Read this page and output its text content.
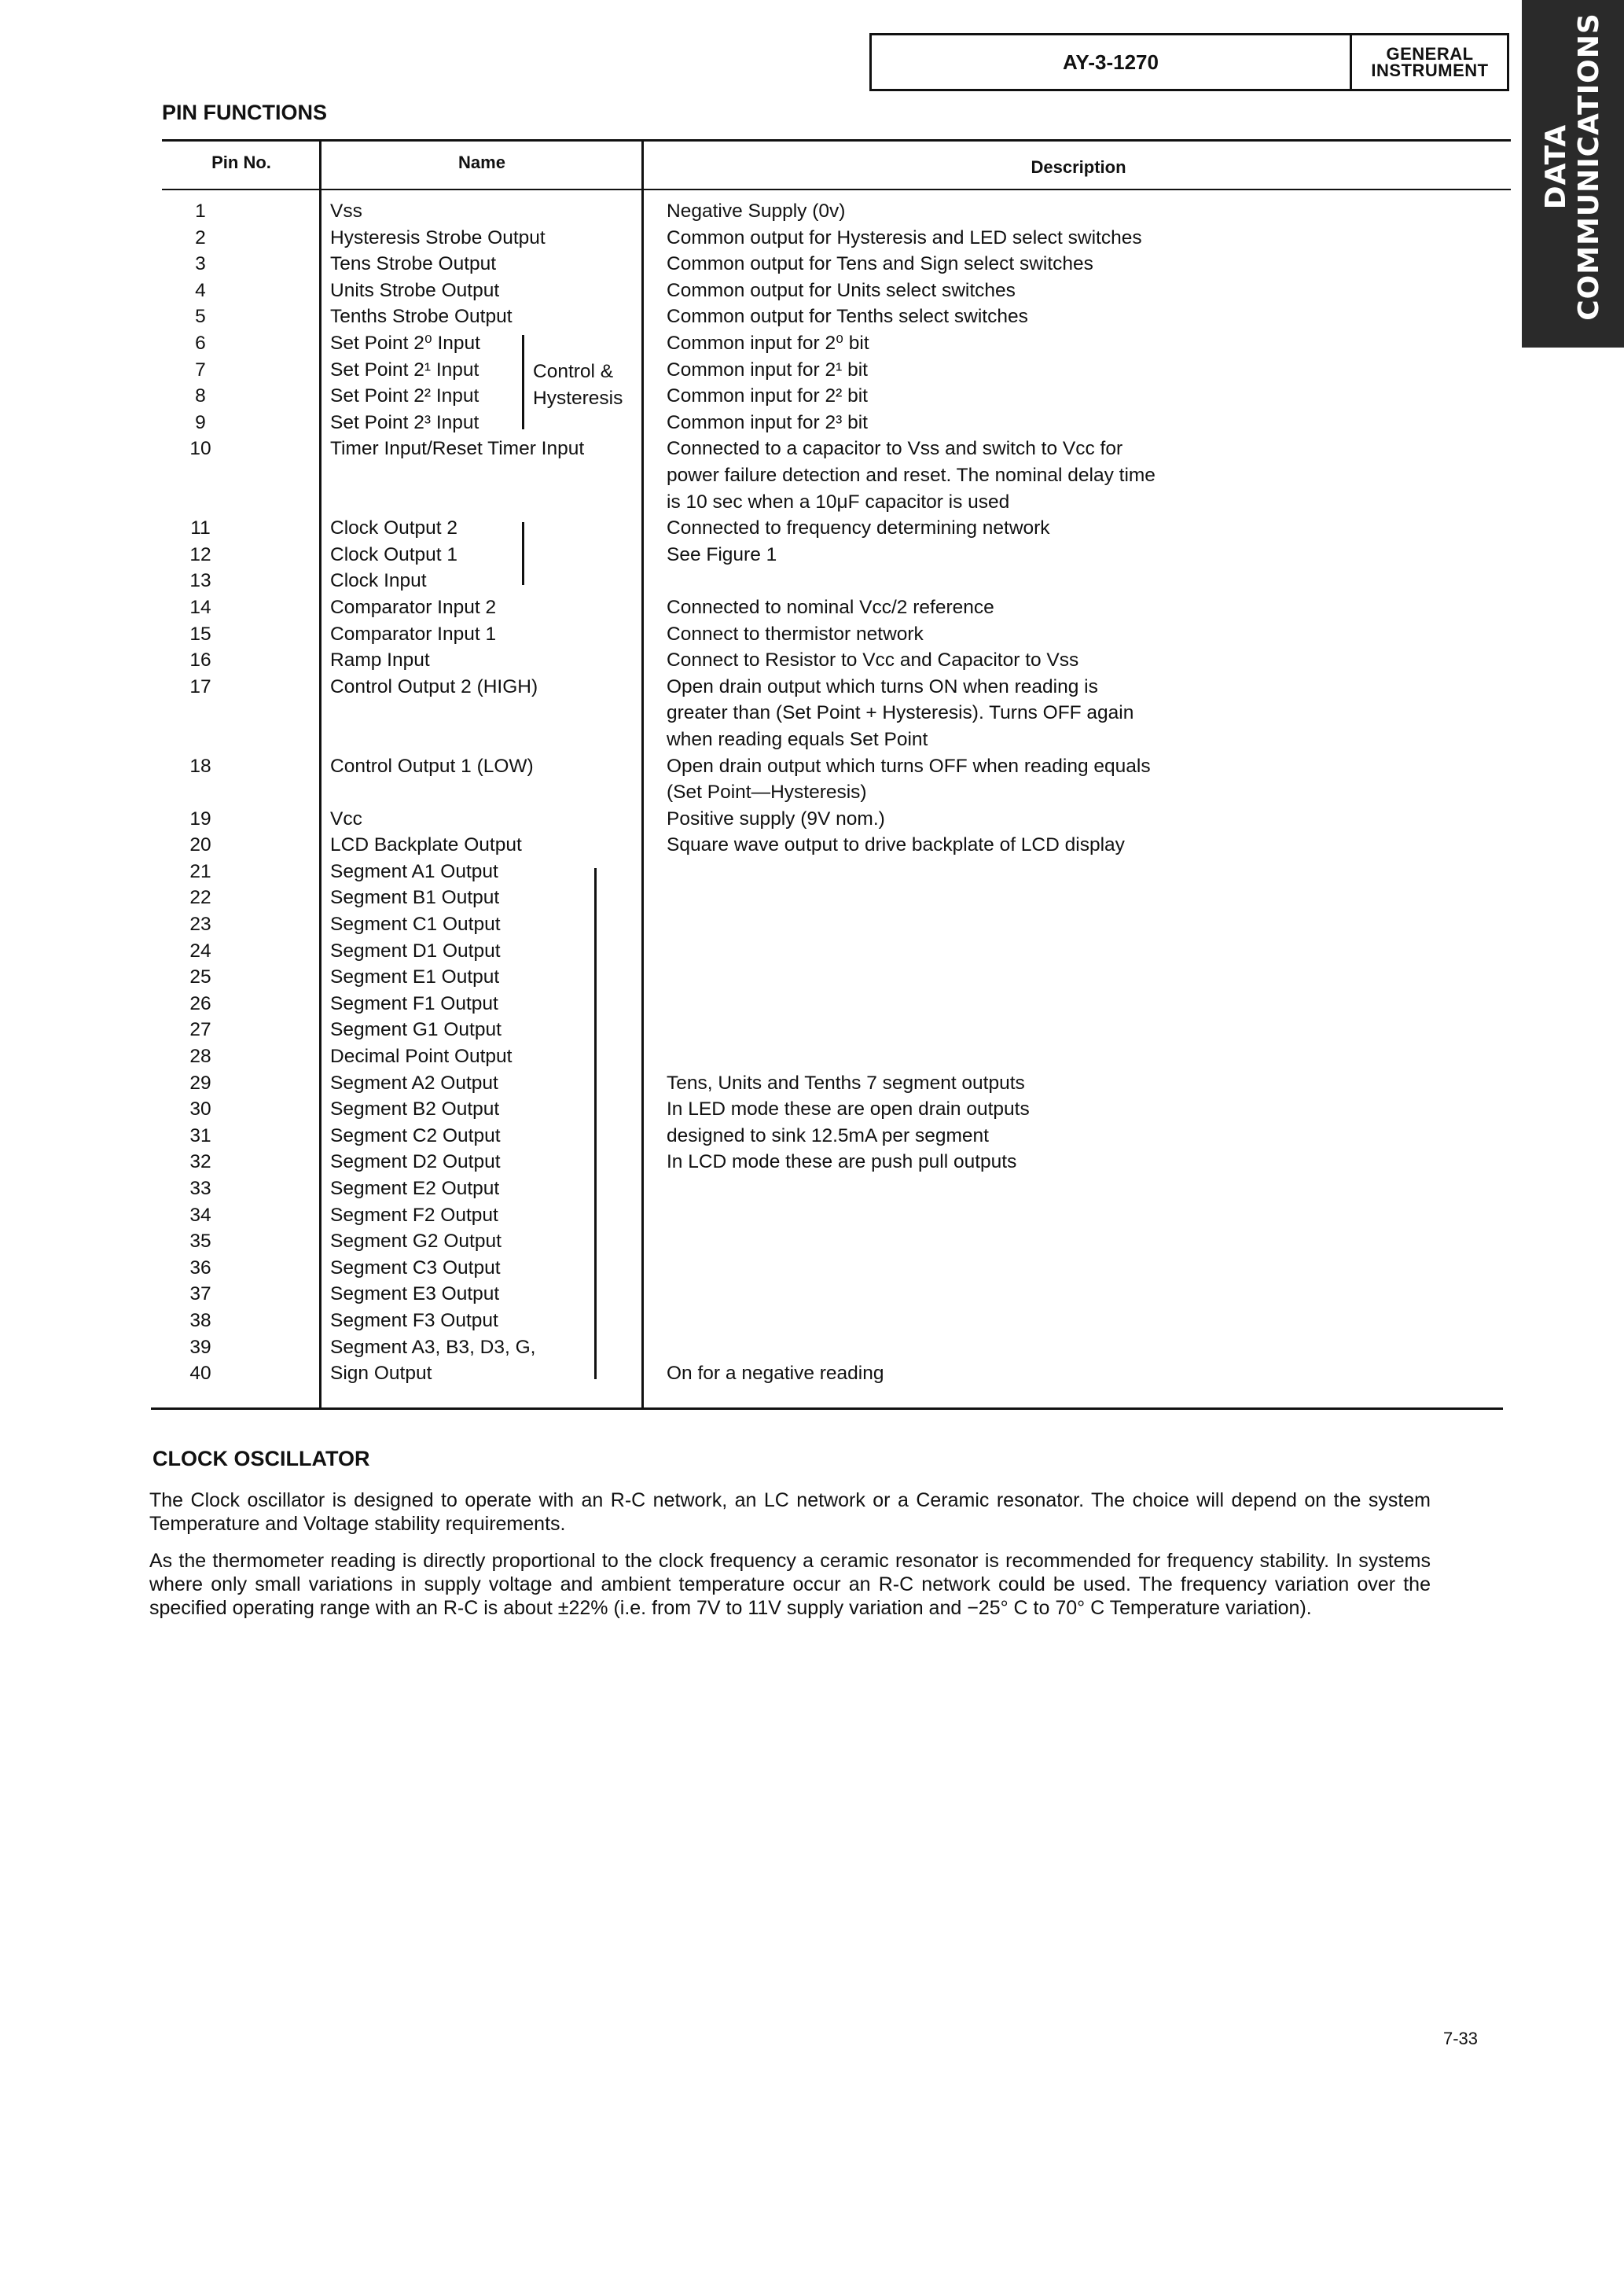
AY-3-1270	GENERAL
INSTRUMENT
DATA COMMUNICATIONS
PIN FUNCTIONS
Pin No.	Name	Description
1	Vss	Negative Supply (0v)
2	Hysteresis Strobe Output	Common output for Hysteresis and LED select switches
3	Tens Strobe Output	Common output for Tens and Sign select switches
4	Units Strobe Output	Common output for Units select switches
5	Tenths Strobe Output	Common output for Tenths select switches
6	Set Point 2⁰ Input	Common input for 2⁰ bit
7	Set Point 2¹ Input	Common input for 2¹ bit
8	Set Point 2² Input	Common input for 2² bit
9	Set Point 2³ Input	Common input for 2³ bit
10	Timer Input/Reset Timer Input	Connected to a capacitor to Vss and switch to Vcc for
power failure detection and reset. The nominal delay time
is 10 sec when a 10μF capacitor is used
11	Clock Output 2	Connected to frequency determining network
12	Clock Output 1	See Figure 1
13	Clock Input
14	Comparator Input 2	Connected to nominal Vcc/2 reference
15	Comparator Input 1	Connect to thermistor network
16	Ramp Input	Connect to Resistor to Vcc and Capacitor to Vss
17	Control Output 2 (HIGH)	Open drain output which turns ON when reading is
greater than (Set Point + Hysteresis). Turns OFF again
when reading equals Set Point
18	Control Output 1 (LOW)	Open drain output which turns OFF when reading equals
(Set Point—Hysteresis)
19	Vcc	Positive supply (9V nom.)
20	LCD Backplate Output	Square wave output to drive backplate of LCD display
21	Segment A1 Output
22	Segment B1 Output
23	Segment C1 Output
24	Segment D1 Output
25	Segment E1 Output
26	Segment F1 Output
27	Segment G1 Output
28	Decimal Point Output
29	Segment A2 Output	Tens, Units and Tenths 7 segment outputs
30	Segment B2 Output	In LED mode these are open drain outputs
31	Segment C2 Output	designed to sink 12.5mA per segment
32	Segment D2 Output	In LCD mode these are push pull outputs
33	Segment E2 Output
34	Segment F2 Output
35	Segment G2 Output
36	Segment C3 Output
37	Segment E3 Output
38	Segment F3 Output
39	Segment A3, B3, D3, G,
40	Sign Output	On for a negative reading
Control &
Hysteresis
CLOCK OSCILLATOR
The Clock oscillator is designed to operate with an R-C network, an LC network or a Ceramic resonator. The choice will depend on the system Temperature and Voltage stability requirements.
As the thermometer reading is directly proportional to the clock frequency a ceramic resonator is recommended for frequency stability. In systems where only small variations in supply voltage and ambient temperature occur an R-C network could be used. The frequency variation over the specified operating range with an R-C is about ±22% (i.e. from 7V to 11V supply variation and −25° C to 70° C Temperature variation).
7-33
